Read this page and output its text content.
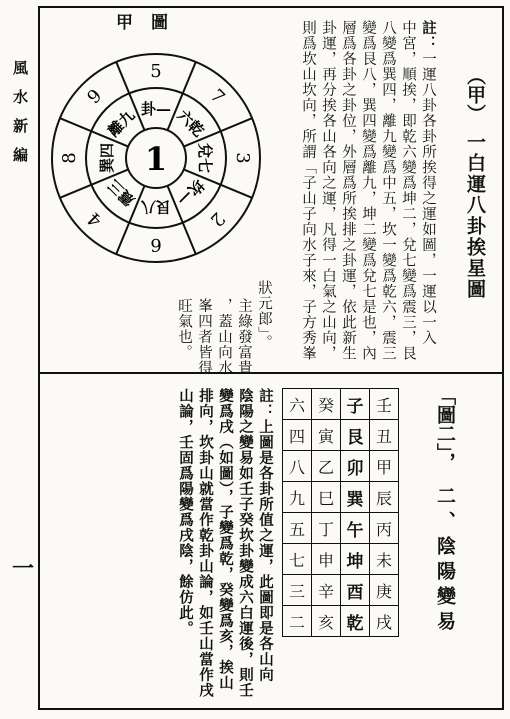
風水新編
一
（甲）
一白運八卦挨星圖
註：一運八卦各卦所挨得之運如圖，一運以一入
中宮，順挨，即乾六變爲坤二，兌七變爲震三，艮
八變爲巽四，離九變爲中五，坎一變爲乾六，震三
變爲艮八，巽四變爲離九，坤二變爲兌七是也，內
層爲各卦之卦位，外層爲所挨排之卦運，依此新生
卦運，再分挨各山各向之運，凡得一白氣之山向，
則爲坎山坎向，所謂「子山子向水子來，子方秀峯
狀元郎」。
主綠發富貴
，蓋山向水
峯四者皆得
旺氣也。
甲圖
5
7
3
2
6
4
8
9
卦— 六乾
兌七
坎—
艮八
震三
巽四
離九
1
「圖二」，
二、陰陽變易
六	癸	子	壬
四	寅	艮	丑
八	乙	卯	甲
九	巳	巽	辰
五	丁	午	丙
七	申	坤	未
三	辛	酉	庚
二	亥	乾	戌
註：上圖是各卦所值之運，此圖即是各山向
陰陽之變易如壬子癸坎卦變成六白運後，則壬
變爲戌（如圖），子變爲乾，癸變爲亥，挨山
排向，坎卦山就當作乾卦山論，如壬山當作戌
山論，壬固爲陽變爲戌陰，餘仿此。
